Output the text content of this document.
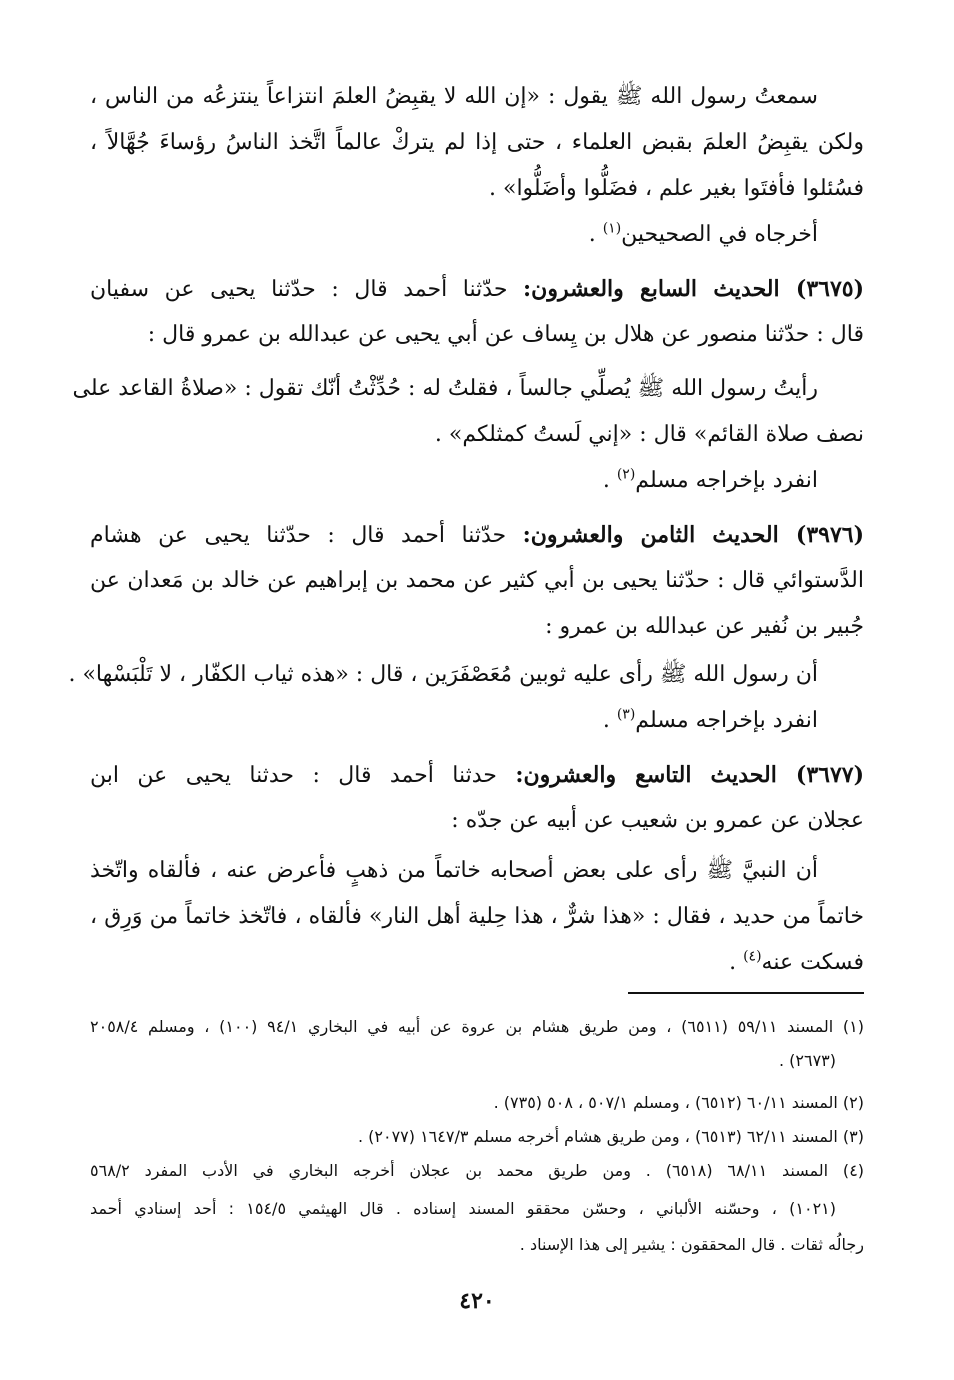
سمعتُ رسول الله ﷺ يقول : «إن الله لا يقبِضُ العلمَ انتزاعاً ينتزعُه من الناس ،
ولكن يقبِضُ العلمَ بقبض العلماء ، حتى إذا لم يتركْ عالماً اتَّخذ الناسُ رؤساءَ جُهَّالاً ،
فسُئلوا فأفتَوا بغير علم ، فضَلُّوا وأضَلُّوا» .
أخرجاه في الصحيحين$^{(١)}$ .
(٣٦٧٥) الحديث السابع والعشرون: حدّثنا أحمد قال : حدّثنا يحيى عن سفيان
قال : حدّثنا منصور عن هلال بن يِساف عن أبي يحيى عن عبدالله بن عمرو قال :
رأيتُ رسول الله ﷺ يُصلِّي جالساً ، فقلتُ له : حُدِّثْتُ أنّك تقول : «صلاةُ القاعد على
نصف صلاة القائم» قال : «إني لَستُ كمثلكم» .
انفرد بإخراجه مسلم$^{(٢)}$ .
(٣٩٧٦) الحديث الثامن والعشرون: حدّثنا أحمد قال : حدّثنا يحيى عن هشام
الدَّستوائي قال : حدّثنا يحيى بن أبي كثير عن محمد بن إبراهيم عن خالد بن مَعدان عن
جُبير بن نُفير عن عبدالله بن عمرو :
أن رسول الله ﷺ رأى عليه ثوبين مُعَصْفَرَين ، قال : «هذه ثياب الكفّار ، لا تَلْبَسْها» .
انفرد بإخراجه مسلم$^{(٣)}$ .
(٣٦٧٧) الحديث التاسع والعشرون: حدثنا أحمد قال : حدثنا يحيى عن ابن
عجلان عن عمرو بن شعيب عن أبيه عن جدّه :
أن النبيَّ ﷺ رأى على بعض أصحابه خاتماً من ذهبٍ فأعرض عنه ، فألقاه واتّخذ
خاتماً من حديد ، فقال : «هذا شرٌّ ، هذا حِلية أهل النار» فألقاه ، فاتّخذ خاتماً من وَرِق ،
فسكت عنه$^{(٤)}$ .
(١) المسند ٥٩/١١ (٦٥١١) ، ومن طريق هشام بن عروة عن أبيه في البخاري ٩٤/١ (١٠٠) ، ومسلم ٢٠٥٨/٤
(٢٦٧٣) .
(٢) المسند ٦٠/١١ (٦٥١٢) ، ومسلم ٥٠٧/١ ، ٥٠٨ (٧٣٥) .
(٣) المسند ٦٢/١١ (٦٥١٣) ، ومن طريق هشام أخرجه مسلم ١٦٤٧/٣ (٢٠٧٧) .
(٤) المسند ٦٨/١١ (٦٥١٨) . ومن طريق محمد بن عجلان أخرجه البخاري في الأدب المفرد ٥٦٨/٢
(١٠٢١) ، وحسّنه الألباني ، وحسّن محققو المسند إسناده . قال الهيثمي ١٥٤/٥ : أحد إسنادي أحمد
رجالُه ثقات . قال المحققون : يشير إلى هذا الإسناد .
٤٢٠
